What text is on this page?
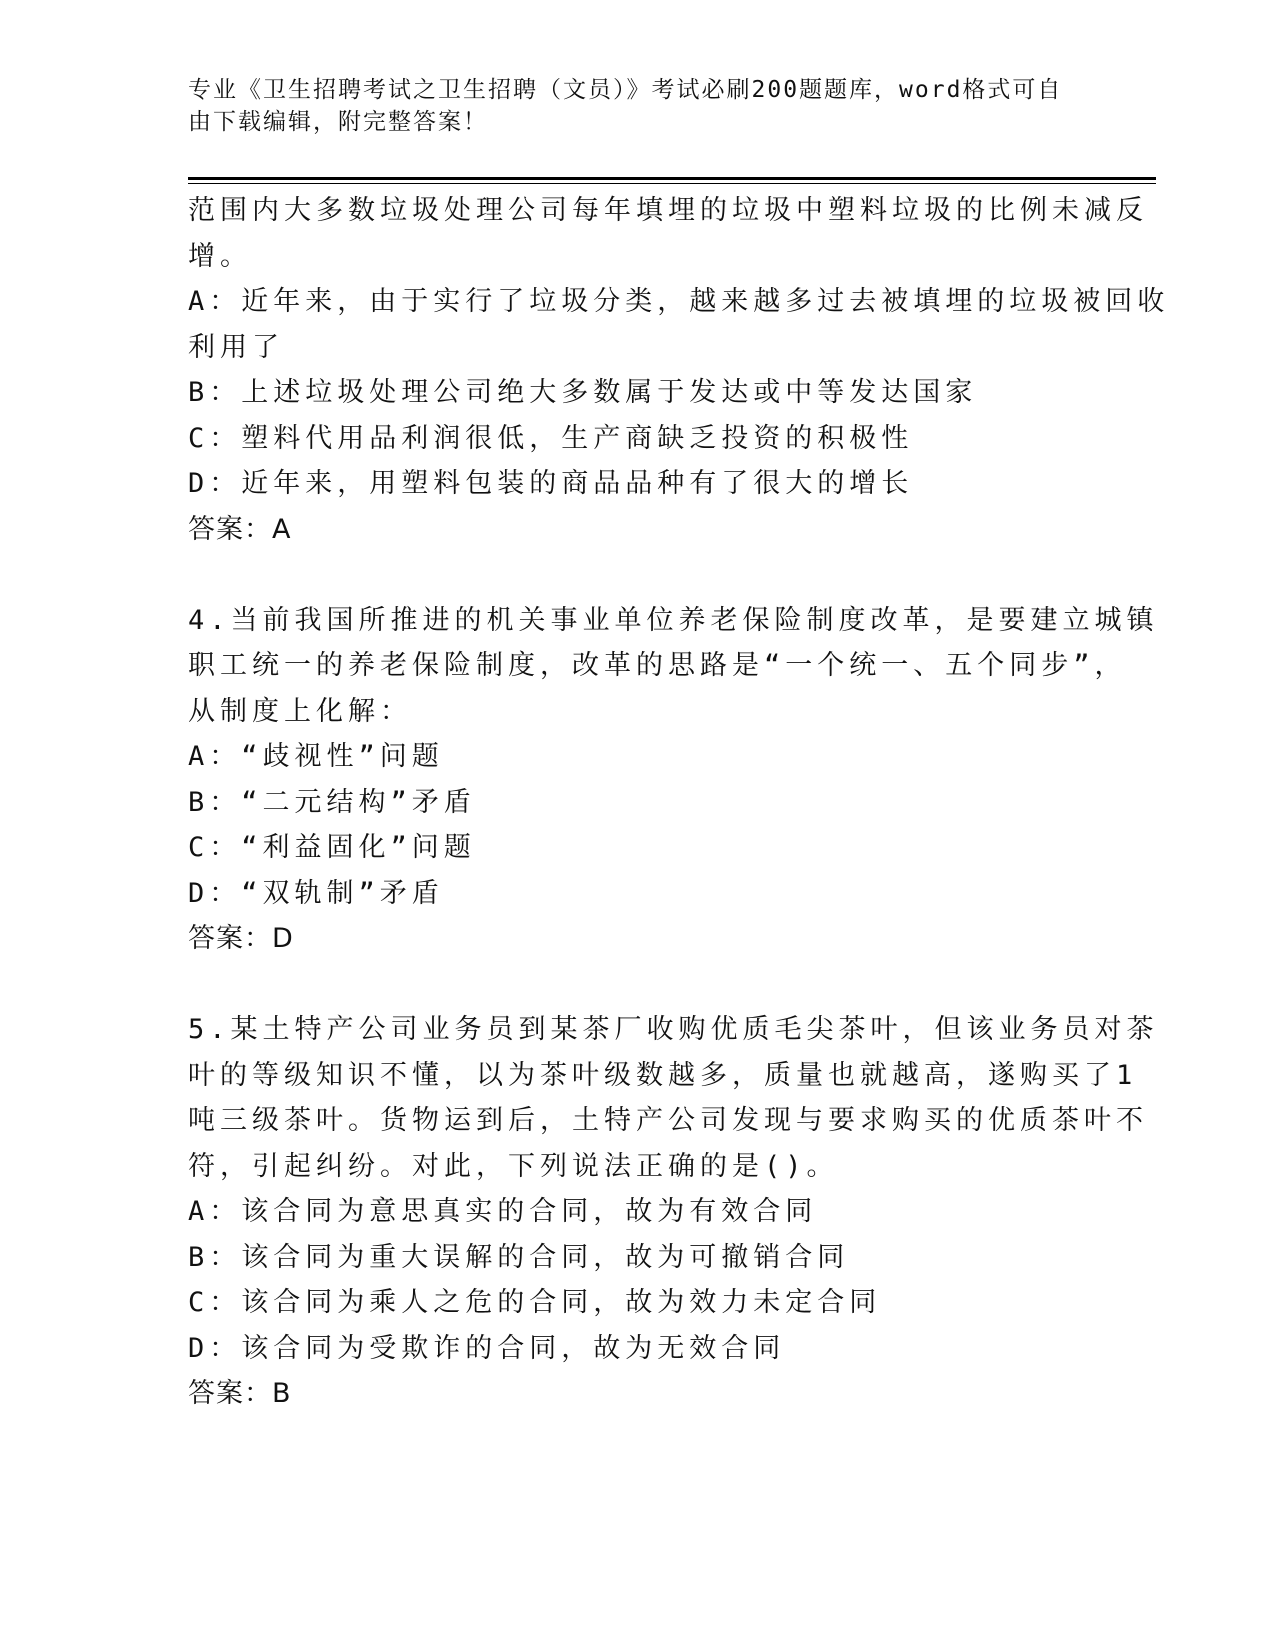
专业《卫生招聘考试之卫生招聘（文员）》考试必刷200题题库，word格式可自
由下载编辑，附完整答案！
范围内大多数垃圾处理公司每年填埋的垃圾中塑料垃圾的比例未减反
增。
A：近年来，由于实行了垃圾分类，越来越多过去被填埋的垃圾被回收
利用了
B：上述垃圾处理公司绝大多数属于发达或中等发达国家
C：塑料代用品利润很低，生产商缺乏投资的积极性
D：近年来，用塑料包装的商品品种有了很大的增长
答案：A
4.当前我国所推进的机关事业单位养老保险制度改革，是要建立城镇
职工统一的养老保险制度，改革的思路是“一个统一、五个同步”，
从制度上化解：
A：“歧视性”问题
B：“二元结构”矛盾
C：“利益固化”问题
D：“双轨制”矛盾
答案：D
5.某土特产公司业务员到某茶厂收购优质毛尖茶叶，但该业务员对茶
叶的等级知识不懂，以为茶叶级数越多，质量也就越高，遂购买了1
吨三级茶叶。货物运到后，土特产公司发现与要求购买的优质茶叶不
符，引起纠纷。对此，下列说法正确的是()。
A：该合同为意思真实的合同，故为有效合同
B：该合同为重大误解的合同，故为可撤销合同
C：该合同为乘人之危的合同，故为效力未定合同
D：该合同为受欺诈的合同，故为无效合同
答案：B
